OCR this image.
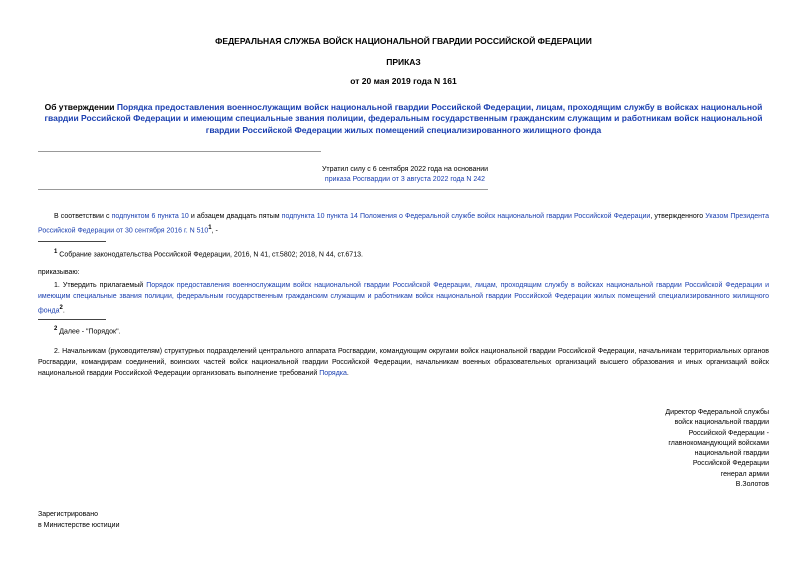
ФЕДЕРАЛЬНАЯ СЛУЖБА ВОЙСК НАЦИОНАЛЬНОЙ ГВАРДИИ РОССИЙСКОЙ ФЕДЕРАЦИИ
ПРИКАЗ
от 20 мая 2019 года N 161
Об утверждении Порядка предоставления военнослужащим войск национальной гвардии Российской Федерации, лицам, проходящим службу в войсках национальной гвардии Российской Федерации и имеющим специальные звания полиции, федеральным государственным гражданским служащим и работникам войск национальной гвардии Российской Федерации жилых помещений специализированного жилищного фонда
Утратил силу с 6 сентября 2022 года на основании
приказа Росгвардии от 3 августа 2022 года N 242
В соответствии с подпунктом 6 пункта 10 и абзацем двадцать пятым подпункта 10 пункта 14 Положения о Федеральной службе войск национальной гвардии Российской Федерации, утвержденного Указом Президента Российской Федерации от 30 сентября 2016 г. N 510$^1$, -
$^1$ Собрание законодательства Российской Федерации, 2016, N 41, ст.5802; 2018, N 44, ст.6713.
приказываю:
1. Утвердить прилагаемый Порядок предоставления военнослужащим войск национальной гвардии Российской Федерации, лицам, проходящим службу в войсках национальной гвардии Российской Федерации и имеющим специальные звания полиции, федеральным государственным гражданским служащим и работникам войск национальной гвардии Российской Федерации жилых помещений специализированного жилищного фонда$^2$.
$^2$ Далее - "Порядок".
2. Начальникам (руководителям) структурных подразделений центрального аппарата Росгвардии, командующим округами войск национальной гвардии Российской Федерации, начальникам территориальных органов Росгвардии, командирам соединений, воинских частей войск национальной гвардии Российской Федерации, начальникам военных образовательных организаций высшего образования и иных организаций войск национальной гвардии Российской Федерации организовать выполнение требований Порядка.
Директор Федеральной службы
войск национальной гвардии
Российской Федерации -
главнокомандующий войсками
национальной гвардии
Российской Федерации
генерал армии
В.Золотов
Зарегистрировано
в Министерстве юстиции
